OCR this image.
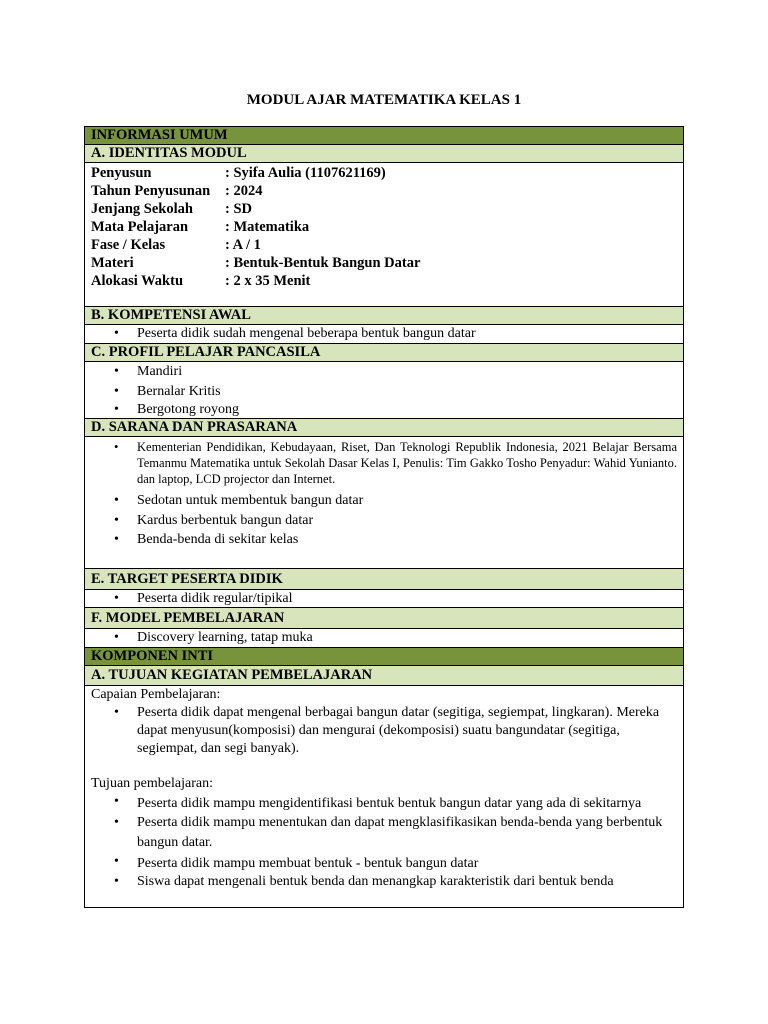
MODUL AJAR MATEMATIKA KELAS 1
INFORMASI UMUM
A. IDENTITAS MODUL
Penyusun	: Syifa Aulia (1107621169)
Tahun Penyusunan	: 2024
Jenjang Sekolah	: SD
Mata Pelajaran	: Matematika
Fase / Kelas	: A / 1
Materi	: Bentuk-Bentuk Bangun Datar
Alokasi Waktu	: 2 x 35 Menit
B. KOMPETENSI AWAL
• Peserta didik sudah mengenal beberapa bentuk bangun datar
C. PROFIL PELAJAR PANCASILA
• Mandiri
• Bernalar Kritis
• Bergotong royong
D. SARANA DAN PRASARANA
• Kementerian Pendidikan, Kebudayaan, Riset, Dan Teknologi Republik Indonesia, 2021 Belajar Bersama Temanmu Matematika untuk Sekolah Dasar Kelas I, Penulis: Tim Gakko Tosho Penyadur: Wahid Yunianto. dan laptop, LCD projector dan Internet.
• Sedotan untuk membentuk bangun datar
• Kardus berbentuk bangun datar
• Benda-benda di sekitar kelas
E. TARGET PESERTA DIDIK
• Peserta didik regular/tipikal
F. MODEL PEMBELAJARAN
• Discovery learning, tatap muka
KOMPONEN INTI
A. TUJUAN KEGIATAN PEMBELAJARAN

Capaian Pembelajaran:

• Peserta didik dapat mengenal berbagai bangun datar (segitiga, segiempat, lingkaran). Mereka dapat menyusun(komposisi) dan mengurai (dekomposisi) suatu bangundatar (segitiga, segiempat, dan segi banyak).

Tujuan pembelajaran:

• Peserta didik mampu mengidentifikasi bentuk bentuk bangun datar yang ada di sekitarnya
• Peserta didik mampu menentukan dan dapat mengklasifikasikan benda-benda yang berbentuk bangun datar.
• Peserta didik mampu membuat bentuk - bentuk bangun datar
• Siswa dapat mengenali bentuk benda dan menangkap karakteristik dari bentuk benda
